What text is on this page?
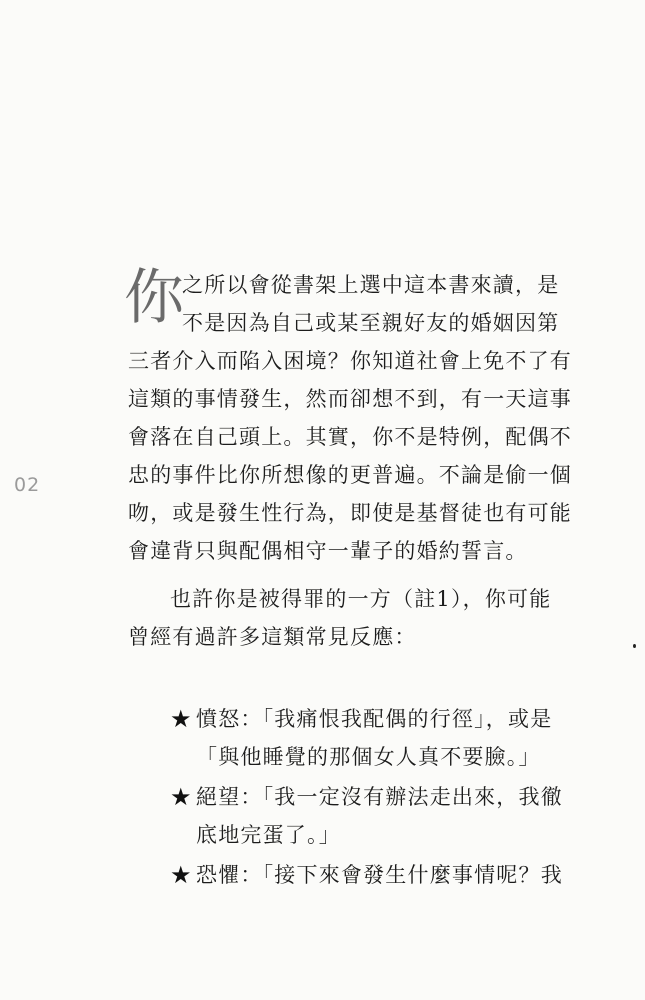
02
你
之所以會從書架上選中這本書來讀，是
不是因為自己或某至親好友的婚姻因第
三者介入而陷入困境？你知道社會上免不了有
這類的事情發生，然而卻想不到，有一天這事
會落在自己頭上。其實，你不是特例，配偶不
忠的事件比你所想像的更普遍。不論是偷一個
吻，或是發生性行為，即使是基督徒也有可能
會違背只與配偶相守一輩子的婚約誓言。
也許你是被得罪的一方（註1），你可能
曾經有過許多這類常見反應：
★ 憤怒：「我痛恨我配偶的行徑」，或是
「與他睡覺的那個女人真不要臉。」
★ 絕望：「我一定沒有辦法走出來，我徹
底地完蛋了。」
★ 恐懼：「接下來會發生什麼事情呢？我
